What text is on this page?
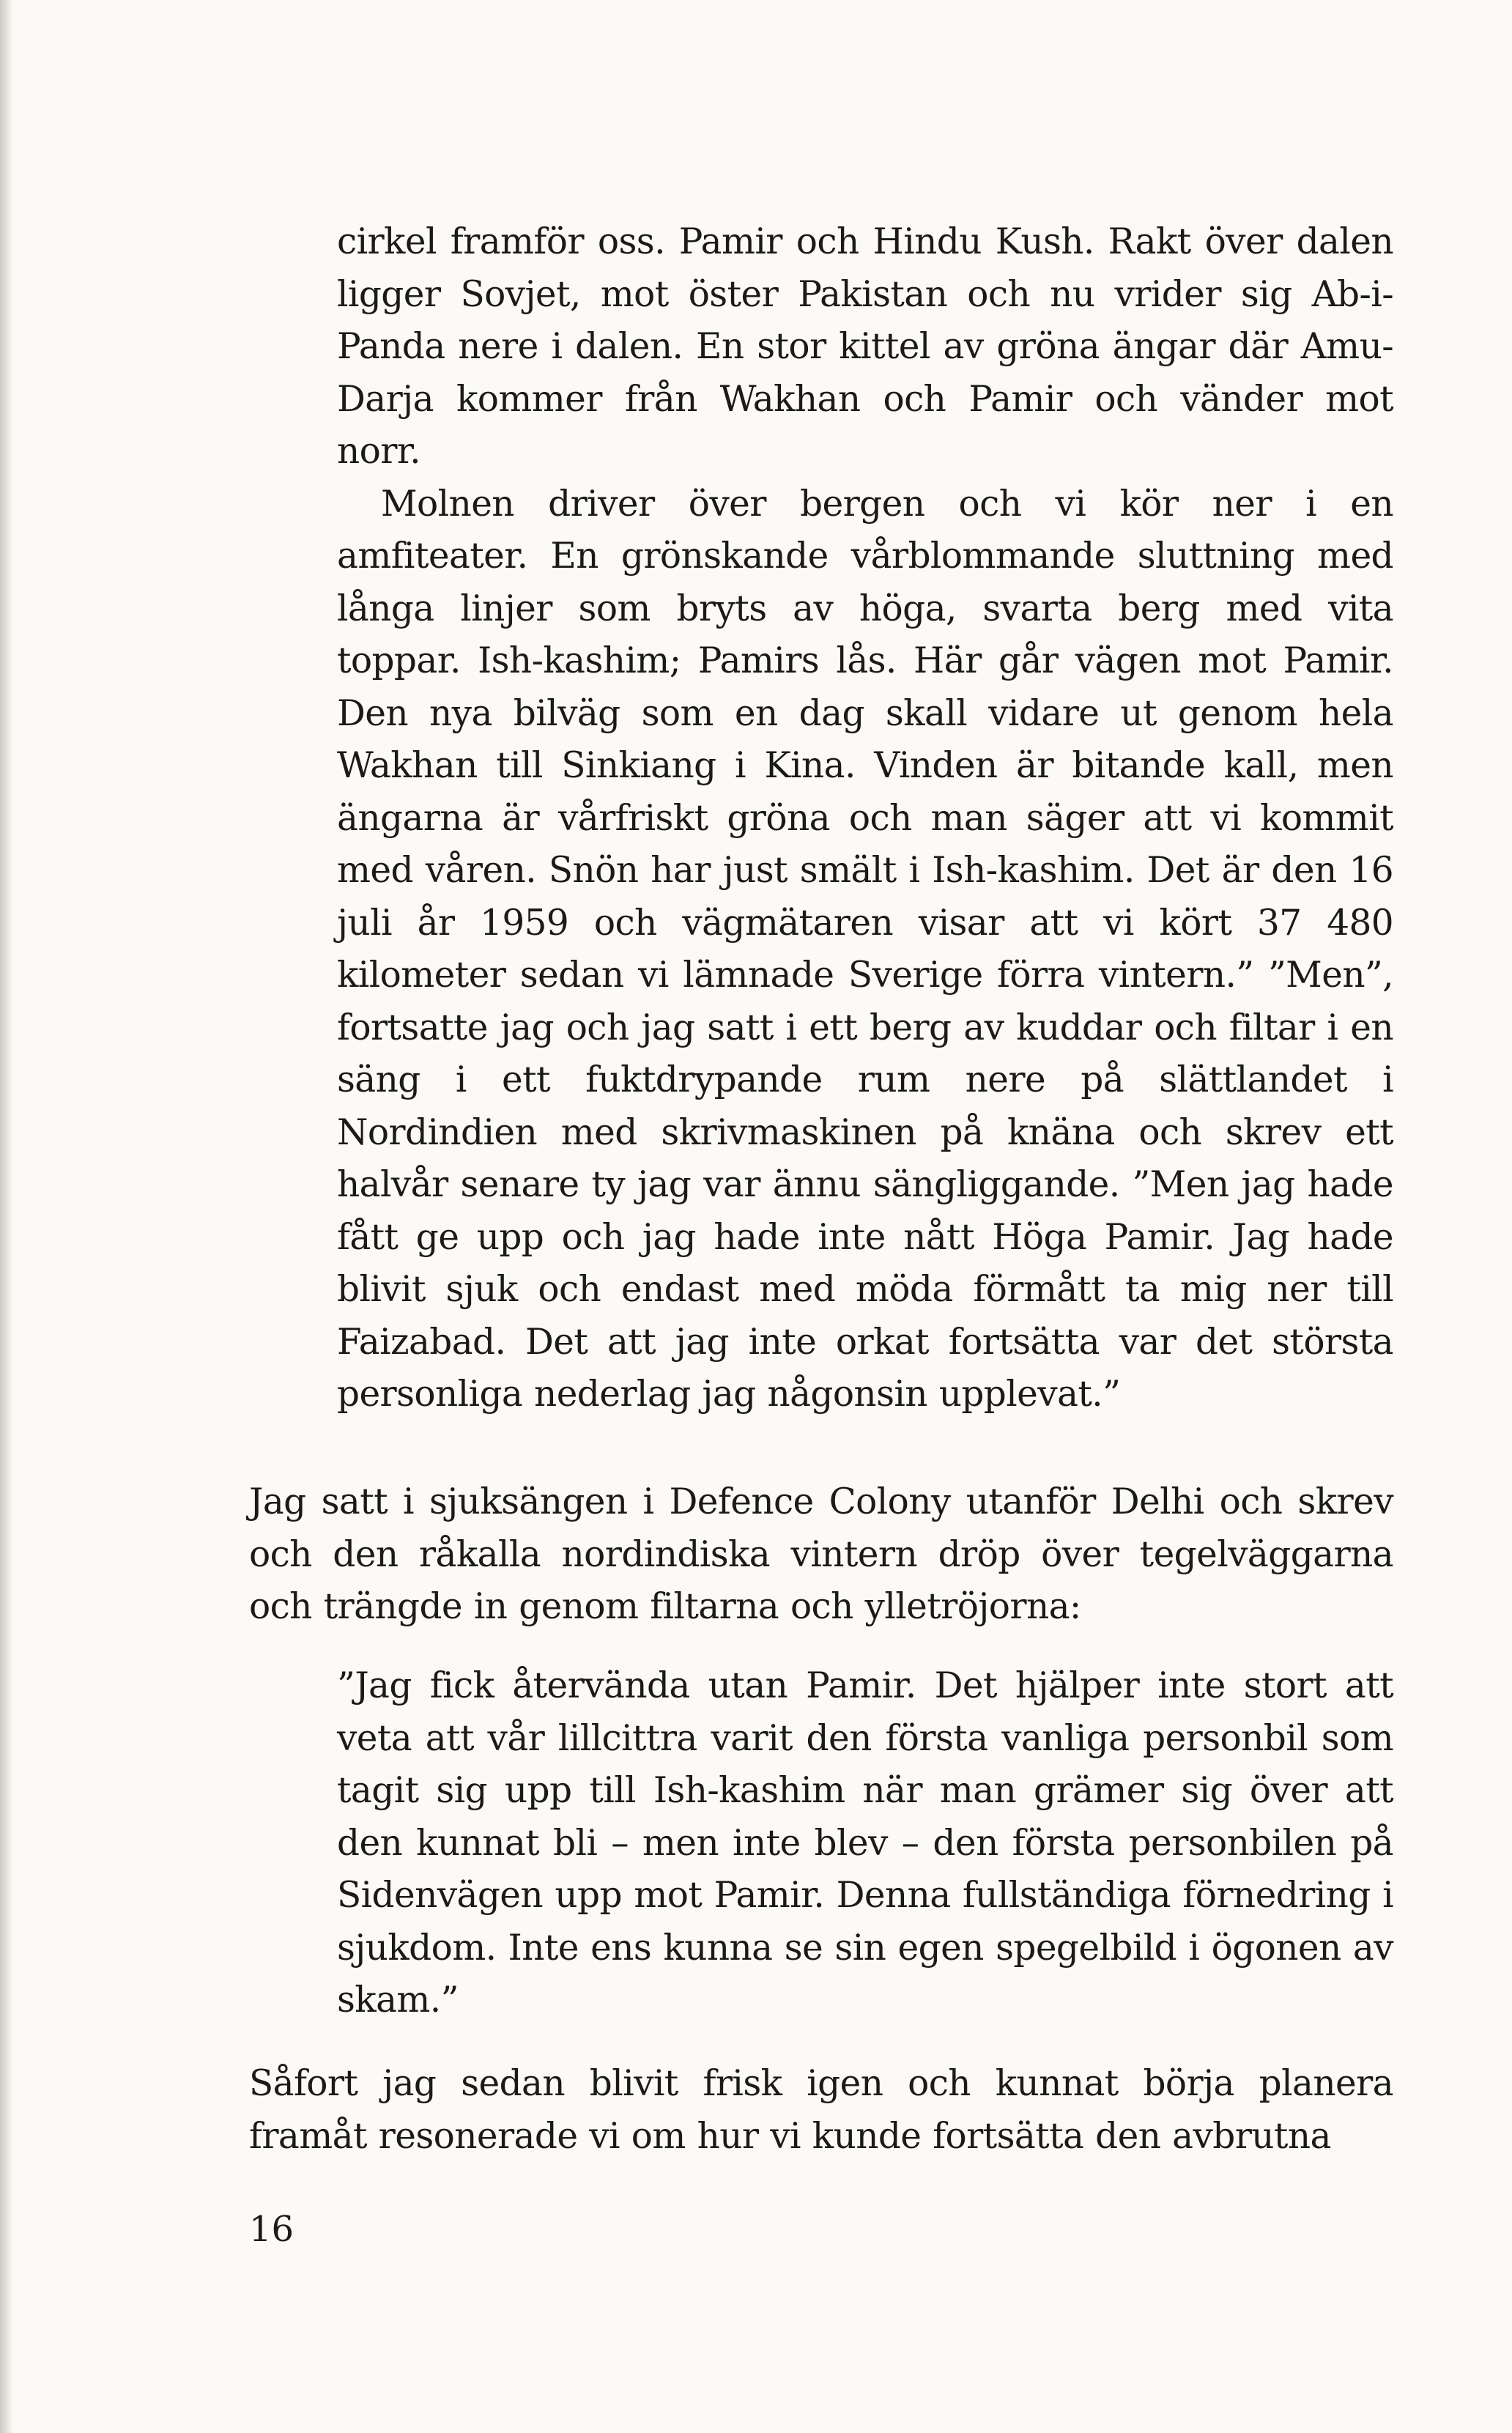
cirkel framför oss. Pamir och Hindu Kush. Rakt över dalen ligger Sovjet, mot öster Pakistan och nu vrider sig Ab-i-Panda nere i dalen. En stor kittel av gröna ängar där Amu-Darja kommer från Wakhan och Pamir och vänder mot norr.

Molnen driver över bergen och vi kör ner i en amfiteater. En grönskande vårblommande sluttning med långa linjer som bryts av höga, svarta berg med vita toppar. Ish-kashim; Pamirs lås. Här går vägen mot Pamir. Den nya bilväg som en dag skall vidare ut genom hela Wakhan till Sinkiang i Kina. Vinden är bitande kall, men ängarna är vårfriskt gröna och man säger att vi kommit med våren. Snön har just smält i Ish-kashim. Det är den 16 juli år 1959 och vägmätaren visar att vi kört 37 480 kilometer sedan vi lämnade Sverige förra vintern.” ”Men”, fortsatte jag och jag satt i ett berg av kuddar och filtar i en säng i ett fuktdrypande rum nere på slättlandet i Nordindien med skrivmaskinen på knäna och skrev ett halvår senare ty jag var ännu sängliggande. ”Men jag hade fått ge upp och jag hade inte nått Höga Pamir. Jag hade blivit sjuk och endast med möda förmått ta mig ner till Faizabad. Det att jag inte orkat fortsätta var det största personliga nederlag jag någonsin upplevat.”

Jag satt i sjuksängen i Defence Colony utanför Delhi och skrev och den råkalla nordindiska vintern dröp över tegelväggarna och trängde in genom filtarna och ylletröjorna:

”Jag fick återvända utan Pamir. Det hjälper inte stort att veta att vår lillcittra varit den första vanliga personbil som tagit sig upp till Ish-kashim när man grämer sig över att den kunnat bli – men inte blev – den första personbilen på Sidenvägen upp mot Pamir. Denna fullständiga förnedring i sjukdom. Inte ens kunna se sin egen spegelbild i ögonen av skam.”

Såfort jag sedan blivit frisk igen och kunnat börja planera framåt resonerade vi om hur vi kunde fortsätta den avbrutna

16
